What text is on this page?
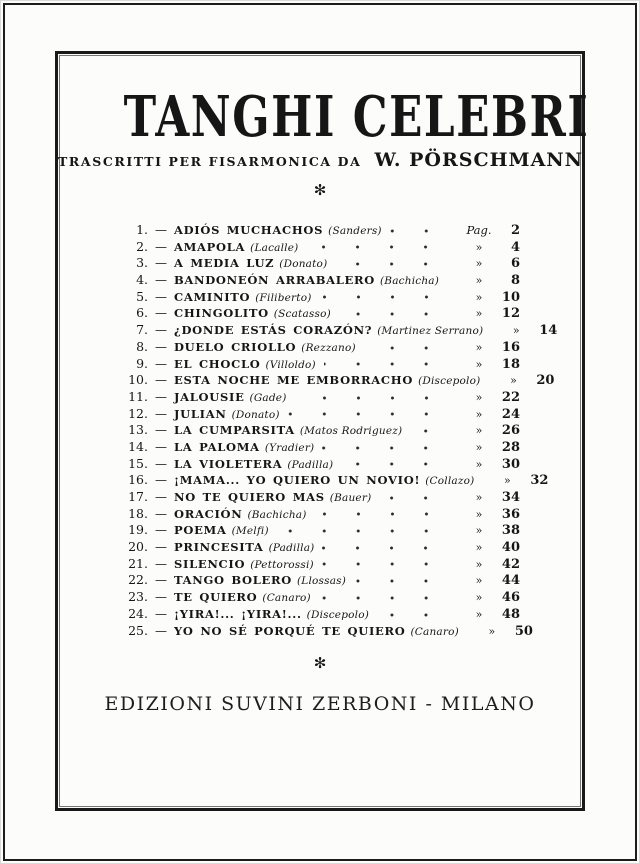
TANGHI CELEBRI
TRASCRITTI PER FISARMONICA DA W. PÖRSCHMANN
✻
1. — ADIÓS MUCHACHOS (Sanders)	Pag.	2
2. — AMAPOLA (Lacalle)	»	4
3. — A MEDIA LUZ (Donato)	»	6
4. — BANDONEÓN ARRABALERO (Bachicha)	»	8
5. — CAMINITO (Filiberto)	»	10
6. — CHINGOLITO (Scatasso)	»	12
7. — ¿DONDE ESTÁS CORAZÓN? (Martinez Serrano)	»	14
8. — DUELO CRIOLLO (Rezzano)	»	16
9. — EL CHOCLO (Villoldo)	»	18
10. — ESTA NOCHE ME EMBORRACHO (Discepolo)	»	20
11. — JALOUSIE (Gade)	»	22
12. — JULIAN (Donato)	»	24
13. — LA CUMPARSITA (Matos Rodriguez)	»	26
14. — LA PALOMA (Yradier)	»	28
15. — LA VIOLETERA (Padilla)	»	30
16. — ¡MAMA... YO QUIERO UN NOVIO! (Collazo)	»	32
17. — NO TE QUIERO MAS (Bauer)	»	34
18. — ORACIÓN (Bachicha)	»	36
19. — POEMA (Melfi)	»	38
20. — PRINCESITA (Padilla)	»	40
21. — SILENCIO (Pettorossi)	»	42
22. — TANGO BOLERO (Llossas)	»	44
23. — TE QUIERO (Canaro)	»	46
24. — ¡YIRA!... ¡YIRA!... (Discepolo)	»	48
25. — YO NO SÉ PORQUÉ TE QUIERO (Canaro)	»	50
✻
EDIZIONI SUVINI ZERBONI - MILANO
